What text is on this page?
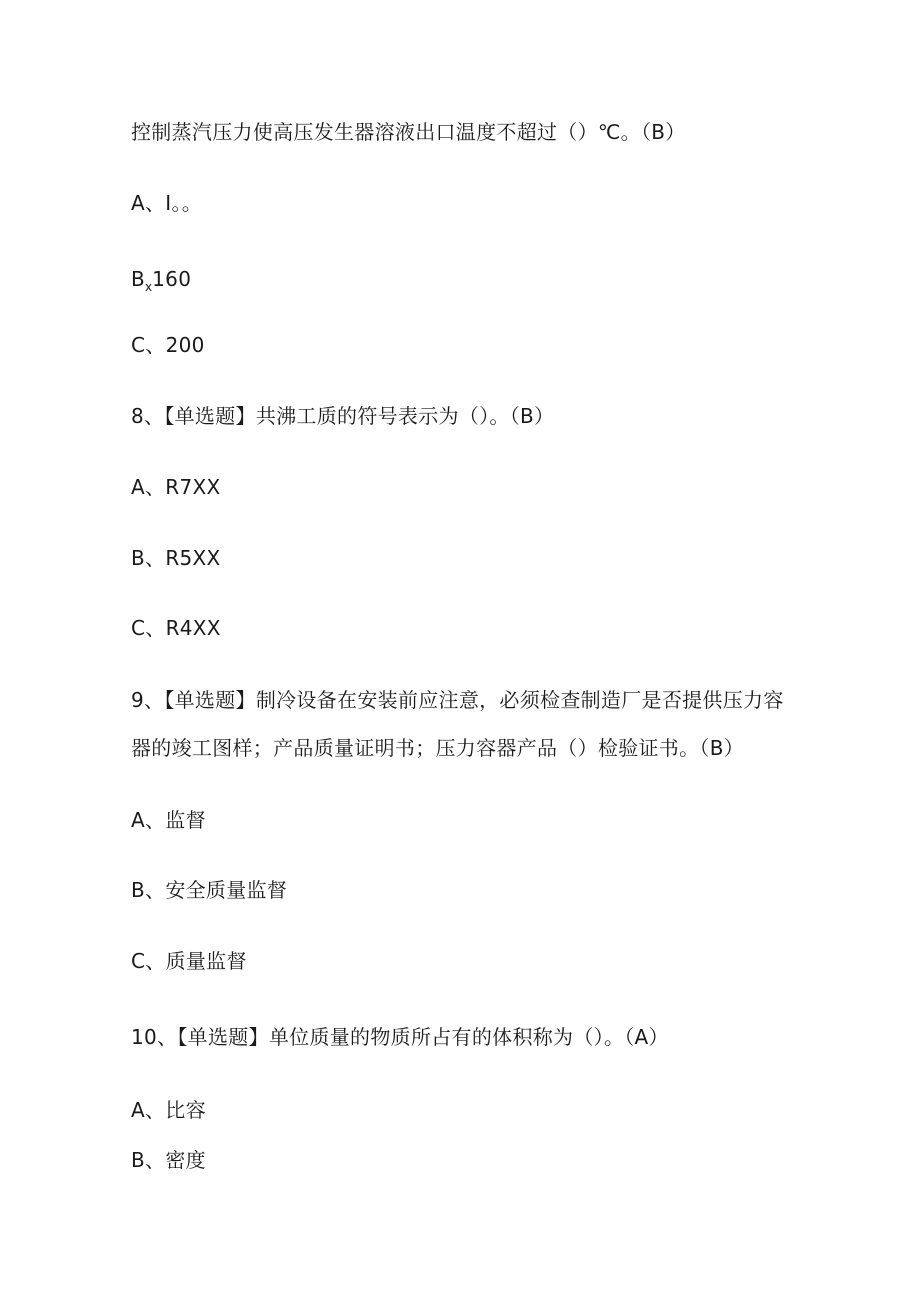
控制蒸汽压力使高压发生器溶液出口温度不超过（）℃。（B）
A、I。。
$B_x160$
C、200
8、【单选题】共沸工质的符号表示为（）。（B）
A、R7XX
B、R5XX
C、R4XX
9、【单选题】制冷设备在安装前应注意，必须检查制造厂是否提供压力容
器的竣工图样；产品质量证明书；压力容器产品（）检验证书。（B）
A、监督
B、安全质量监督
C、质量监督
10、【单选题】单位质量的物质所占有的体积称为（）。（A）
A、比容
B、密度
